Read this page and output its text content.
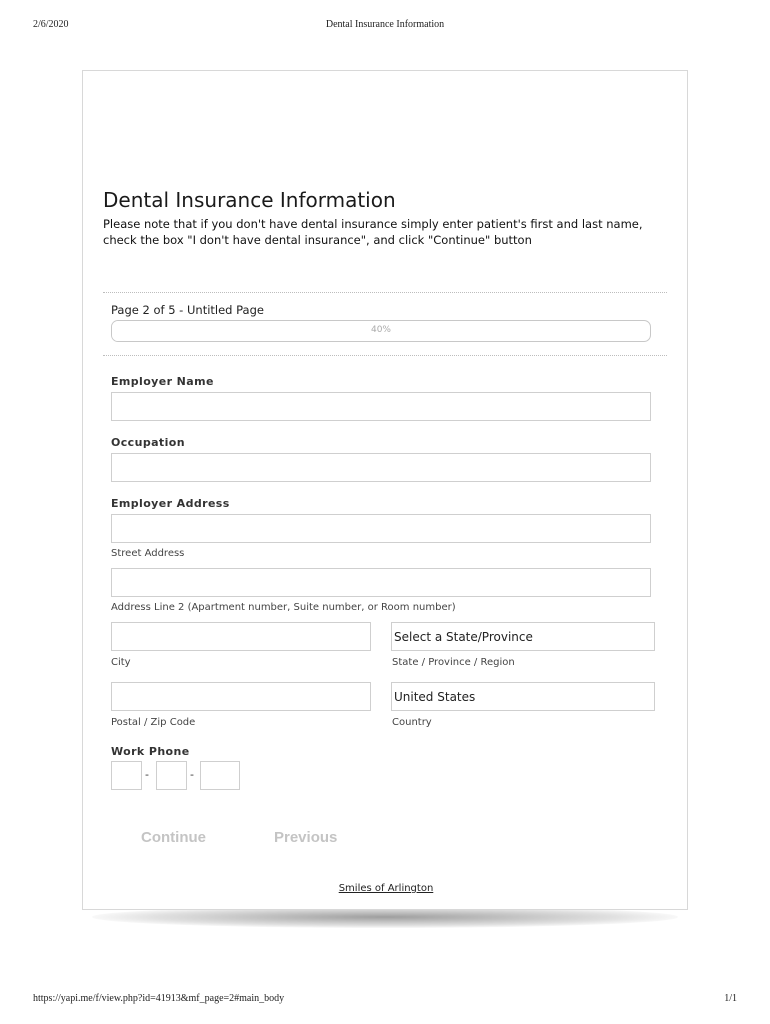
2/6/2020	Dental Insurance Information
https://yapi.me/f/view.php?id=41913&mf_page=2#main_body	1/1
Dental Insurance Information
Please note that if you don't have dental insurance simply enter patient's first and last name, check the box "I don't have dental insurance", and click "Continue" button
Page 2 of 5 - Untitled Page
40%
Employer Name
Occupation
Employer Address
Street Address
Address Line 2 (Apartment number, Suite number, or Room number)
City
Select a State/Province
State / Province / Region
Postal / Zip Code
United States
Country
Work Phone
-	-
Continue	Previous
Smiles of Arlington
